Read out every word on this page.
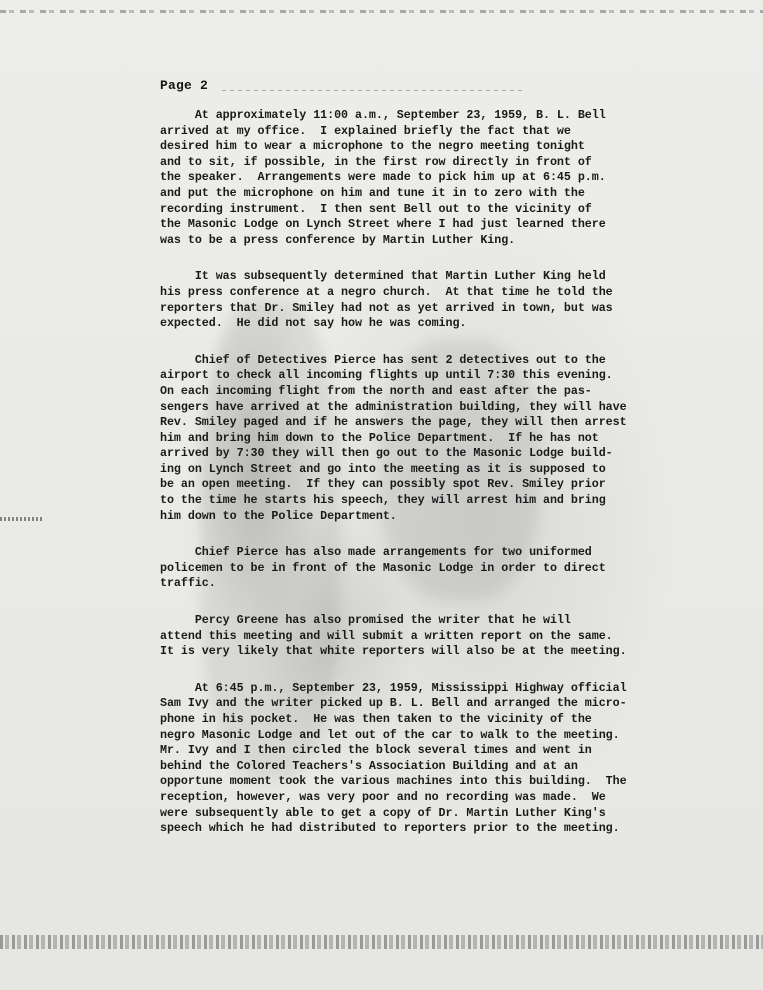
Page 2
At approximately 11:00 a.m., September 23, 1959, B. L. Bell
arrived at my office.  I explained briefly the fact that we
desired him to wear a microphone to the negro meeting tonight
and to sit, if possible, in the first row directly in front of
the speaker.  Arrangements were made to pick him up at 6:45 p.m.
and put the microphone on him and tune it in to zero with the
recording instrument.  I then sent Bell out to the vicinity of
the Masonic Lodge on Lynch Street where I had just learned there
was to be a press conference by Martin Luther King.
It was subsequently determined that Martin Luther King held
his press conference at a negro church.  At that time he told the
reporters that Dr. Smiley had not as yet arrived in town, but was
expected.  He did not say how he was coming.
Chief of Detectives Pierce has sent 2 detectives out to the
airport to check all incoming flights up until 7:30 this evening.
On each incoming flight from the north and east after the pas-
sengers have arrived at the administration building, they will have
Rev. Smiley paged and if he answers the page, they will then arrest
him and bring him down to the Police Department.  If he has not
arrived by 7:30 they will then go out to the Masonic Lodge build-
ing on Lynch Street and go into the meeting as it is supposed to
be an open meeting.  If they can possibly spot Rev. Smiley prior
to the time he starts his speech, they will arrest him and bring
him down to the Police Department.
Chief Pierce has also made arrangements for two uniformed
policemen to be in front of the Masonic Lodge in order to direct
traffic.
Percy Greene has also promised the writer that he will
attend this meeting and will submit a written report on the same.
It is very likely that white reporters will also be at the meeting.
At 6:45 p.m., September 23, 1959, Mississippi Highway official
Sam Ivy and the writer picked up B. L. Bell and arranged the micro-
phone in his pocket.  He was then taken to the vicinity of the
negro Masonic Lodge and let out of the car to walk to the meeting.
Mr. Ivy and I then circled the block several times and went in
behind the Colored Teachers's Association Building and at an
opportune moment took the various machines into this building.  The
reception, however, was very poor and no recording was made.  We
were subsequently able to get a copy of Dr. Martin Luther King's
speech which he had distributed to reporters prior to the meeting.
